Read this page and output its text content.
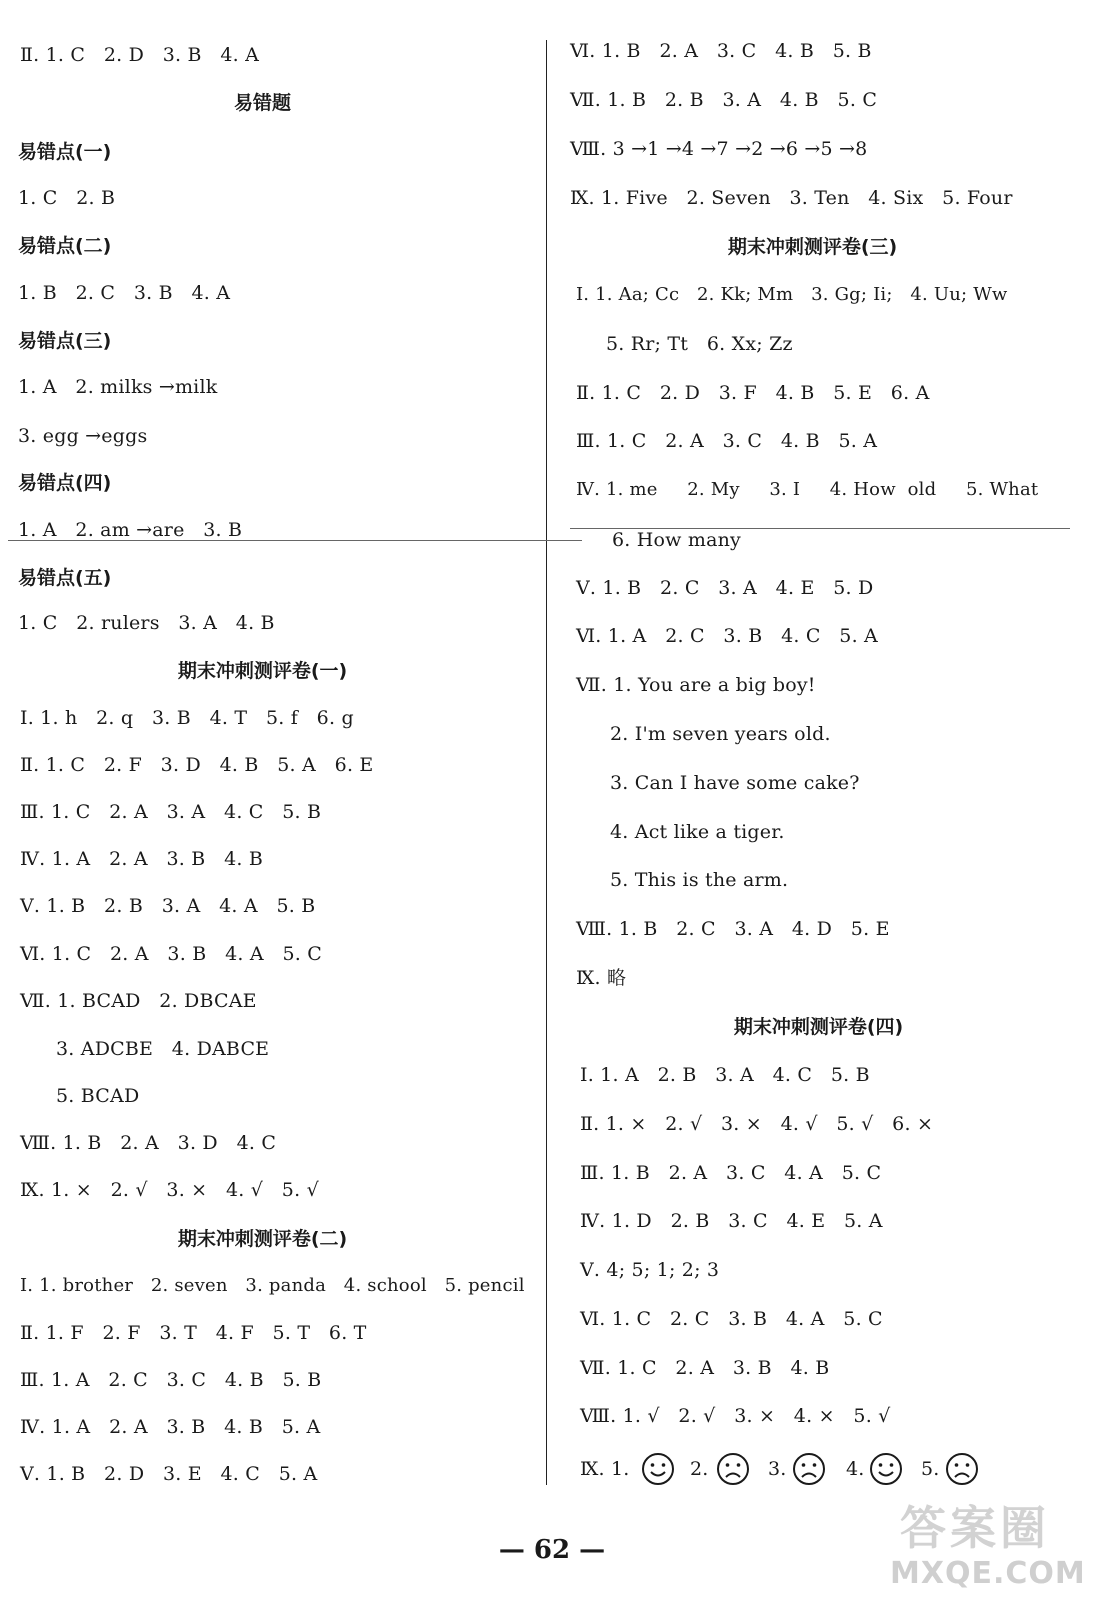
Ⅱ. 1. C   2. D   3. B   4. A
易错题
易错点(一)
1. C   2. B
易错点(二)
1. B   2. C   3. B   4. A
易错点(三)
1. A   2. milks →milk
3. egg →eggs
易错点(四)
1. A   2. am →are   3. B
易错点(五)
1. C   2. rulers   3. A   4. B
期末冲刺测评卷(一)
Ⅰ. 1. h   2. q   3. B   4. T   5. f   6. g
Ⅱ. 1. C   2. F   3. D   4. B   5. A   6. E
Ⅲ. 1. C   2. A   3. A   4. C   5. B
Ⅳ. 1. A   2. A   3. B   4. B
Ⅴ. 1. B   2. B   3. A   4. A   5. B
Ⅵ. 1. C   2. A   3. B   4. A   5. C
Ⅶ. 1. BCAD   2. DBCAE
3. ADCBE   4. DABCE
5. BCAD
Ⅷ. 1. B   2. A   3. D   4. C
Ⅸ. 1. ×   2. √   3. ×   4. √   5. √
期末冲刺测评卷(二)
Ⅰ. 1. brother   2. seven   3. panda   4. school   5. pencil
Ⅱ. 1. F   2. F   3. T   4. F   5. T   6. T
Ⅲ. 1. A   2. C   3. C   4. B   5. B
Ⅳ. 1. A   2. A   3. B   4. B   5. A
Ⅴ. 1. B   2. D   3. E   4. C   5. A
Ⅵ. 1. B   2. A   3. C   4. B   5. B
Ⅶ. 1. B   2. B   3. A   4. B   5. C
Ⅷ. 3 →1 →4 →7 →2 →6 →5 →8
Ⅸ. 1. Five   2. Seven   3. Ten   4. Six   5. Four
期末冲刺测评卷(三)
Ⅰ. 1. Aa; Cc   2. Kk; Mm   3. Gg; Ii;   4. Uu; Ww
5. Rr; Tt   6. Xx; Zz
Ⅱ. 1. C   2. D   3. F   4. B   5. E   6. A
Ⅲ. 1. C   2. A   3. C   4. B   5. A
Ⅳ. 1. me     2. My     3. I     4. How  old     5. What
6. How many
Ⅴ. 1. B   2. C   3. A   4. E   5. D
Ⅵ. 1. A   2. C   3. B   4. C   5. A
Ⅶ. 1. You are a big boy!
2. I'm seven years old.
3. Can I have some cake?
4. Act like a tiger.
5. This is the arm.
Ⅷ. 1. B   2. C   3. A   4. D   5. E
Ⅸ. 略
期末冲刺测评卷(四)
Ⅰ. 1. A   2. B   3. A   4. C   5. B
Ⅱ. 1. ×   2. √   3. ×   4. √   5. √   6. ×
Ⅲ. 1. B   2. A   3. C   4. A   5. C
Ⅳ. 1. D   2. B   3. C   4. E   5. A
Ⅴ. 4; 5; 1; 2; 3
Ⅵ. 1. C   2. C   3. B   4. A   5. C
Ⅶ. 1. C   2. A   3. B   4. B
Ⅷ. 1. √   2. √   3. ×   4. ×   5. √
Ⅸ. 1.	2.	3.	4.	5.
— 62 —	答案圈
MXQE.COM
